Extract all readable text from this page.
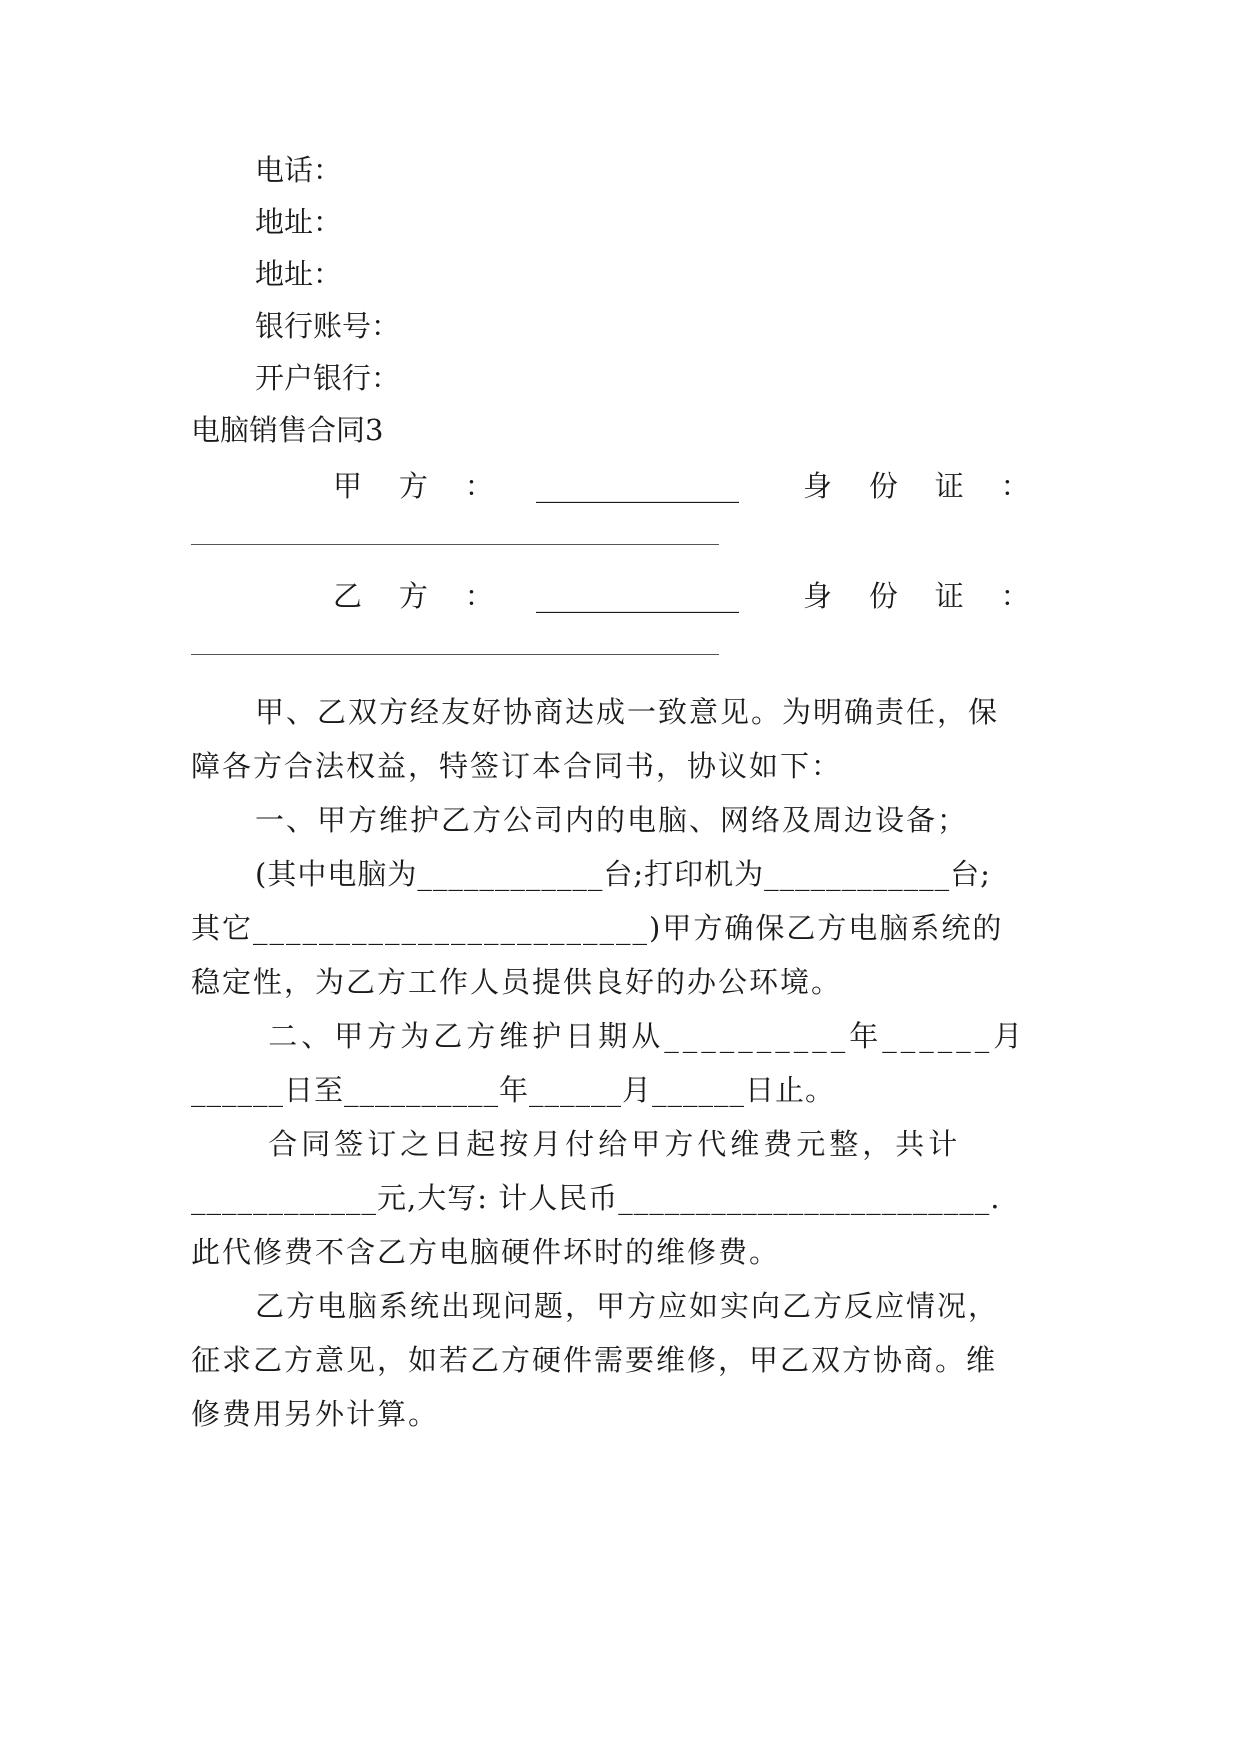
电话：

地址：

地址：

银行账号：

开户银行：

电脑销售合同3

甲    方    ： ______________ 身    份    证    ：
乙    方    ： ______________ 身    份    证    ：

甲、乙双方经友好协商达成一致意见。为明确责任，保

障各方合法权益，特签订本合同书，协议如下：

一、甲方维护乙方公司内的电脑、网络及周边设备；

(其中电脑为____________台;打印机为____________台;

其它________________________)甲方确保乙方电脑系统的

稳定性，为乙方工作人员提供良好的办公环境。

二、甲方为乙方维护日期从__________年______月

______日至__________年______月______日止。

合同签订之日起按月付给甲方代维费元整，共计

____________元,大写: 计人民币________________________.

此代修费不含乙方电脑硬件坏时的维修费。

乙方电脑系统出现问题，甲方应如实向乙方反应情况，

征求乙方意见，如若乙方硬件需要维修，甲乙双方协商。维

修费用另外计算。
